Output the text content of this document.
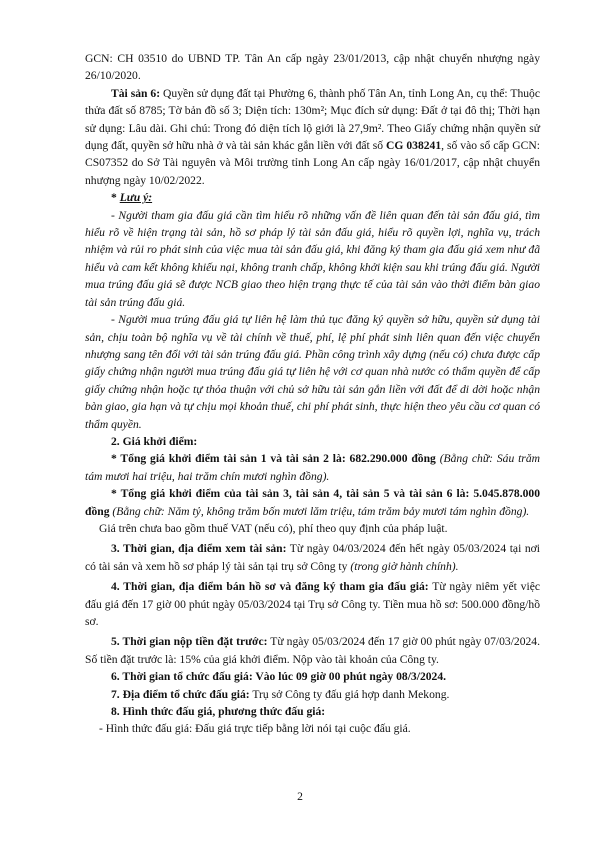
GCN: CH 03510 do UBND TP. Tân An cấp ngày 23/01/2013, cập nhật chuyển nhượng ngày 26/10/2020.

Tài sản 6: Quyền sử dụng đất tại Phường 6, thành phố Tân An, tỉnh Long An, cụ thể: Thuộc thửa đất số 8785; Tờ bản đồ số 3; Diện tích: 130m²; Mục đích sử dụng: Đất ở tại đô thị; Thời hạn sử dụng: Lâu dài. Ghi chú: Trong đó diện tích lộ giới là 27,9m². Theo Giấy chứng nhận quyền sử dụng đất, quyền sở hữu nhà ở và tài sản khác gắn liền với đất số CG 038241, số vào sổ cấp GCN: CS07352 do Sở Tài nguyên và Môi trường tỉnh Long An cấp ngày 16/01/2017, cập nhật chuyển nhượng ngày 10/02/2022.

* Lưu ý:

- Người tham gia đấu giá cần tìm hiểu rõ những vấn đề liên quan đến tài sản đấu giá, tìm hiểu rõ về hiện trạng tài sản, hồ sơ pháp lý tài sản đấu giá, hiểu rõ quyền lợi, nghĩa vụ, trách nhiệm và rủi ro phát sinh của việc mua tài sản đấu giá, khi đăng ký tham gia đấu giá xem như đã hiểu và cam kết không khiếu nại, không tranh chấp, không khởi kiện sau khi trúng đấu giá. Người mua trúng đấu giá sẽ được NCB giao theo hiện trạng thực tế của tài sản vào thời điểm bàn giao tài sản trúng đấu giá.

- Người mua trúng đấu giá tự liên hệ làm thủ tục đăng ký quyền sở hữu, quyền sử dụng tài sản, chịu toàn bộ nghĩa vụ về tài chính về thuế, phí, lệ phí phát sinh liên quan đến việc chuyển nhượng sang tên đổi với tài sản trúng đấu giá. Phần công trình xây dựng (nếu có) chưa được cấp giấy chứng nhận người mua trúng đấu giá tự liên hệ với cơ quan nhà nước có thẩm quyền để cấp giấy chứng nhận hoặc tự thỏa thuận với chủ sở hữu tài sản gắn liền với đất để di dời hoặc nhận bàn giao, gia hạn và tự chịu mọi khoản thuế, chi phí phát sinh, thực hiện theo yêu cầu cơ quan có thẩm quyền.

2. Giá khởi điểm:

* Tổng giá khởi điểm tài sản 1 và tài sản 2 là: 682.290.000 đồng (Bằng chữ: Sáu trăm tám mươi hai triệu, hai trăm chín mươi nghìn đồng).

* Tổng giá khởi điểm của tài sản 3, tài sản 4, tài sản 5 và tài sản 6 là: 5.045.878.000 đồng (Bằng chữ: Năm tỷ, không trăm bốn mươi lăm triệu, tám trăm bảy mươi tám nghìn đồng).

Giá trên chưa bao gồm thuế VAT (nếu có), phí theo quy định của pháp luật.

3. Thời gian, địa điểm xem tài sản: Từ ngày 04/03/2024 đến hết ngày 05/03/2024 tại nơi có tài sản và xem hồ sơ pháp lý tài sản tại trụ sở Công ty (trong giờ hành chính).

4. Thời gian, địa điểm bán hồ sơ và đăng ký tham gia đấu giá: Từ ngày niêm yết việc đấu giá đến 17 giờ 00 phút ngày 05/03/2024 tại Trụ sở Công ty. Tiền mua hồ sơ: 500.000 đồng/hồ sơ.

5. Thời gian nộp tiền đặt trước: Từ ngày 05/03/2024 đến 17 giờ 00 phút ngày 07/03/2024. Số tiền đặt trước là: 15% của giá khởi điểm. Nộp vào tài khoản của Công ty.

6. Thời gian tổ chức đấu giá: Vào lúc 09 giờ 00 phút ngày 08/3/2024.

7. Địa điểm tổ chức đấu giá: Trụ sở Công ty đấu giá hợp danh Mekong.

8. Hình thức đấu giá, phương thức đấu giá:

- Hình thức đấu giá: Đấu giá trực tiếp bằng lời nói tại cuộc đấu giá.

2
